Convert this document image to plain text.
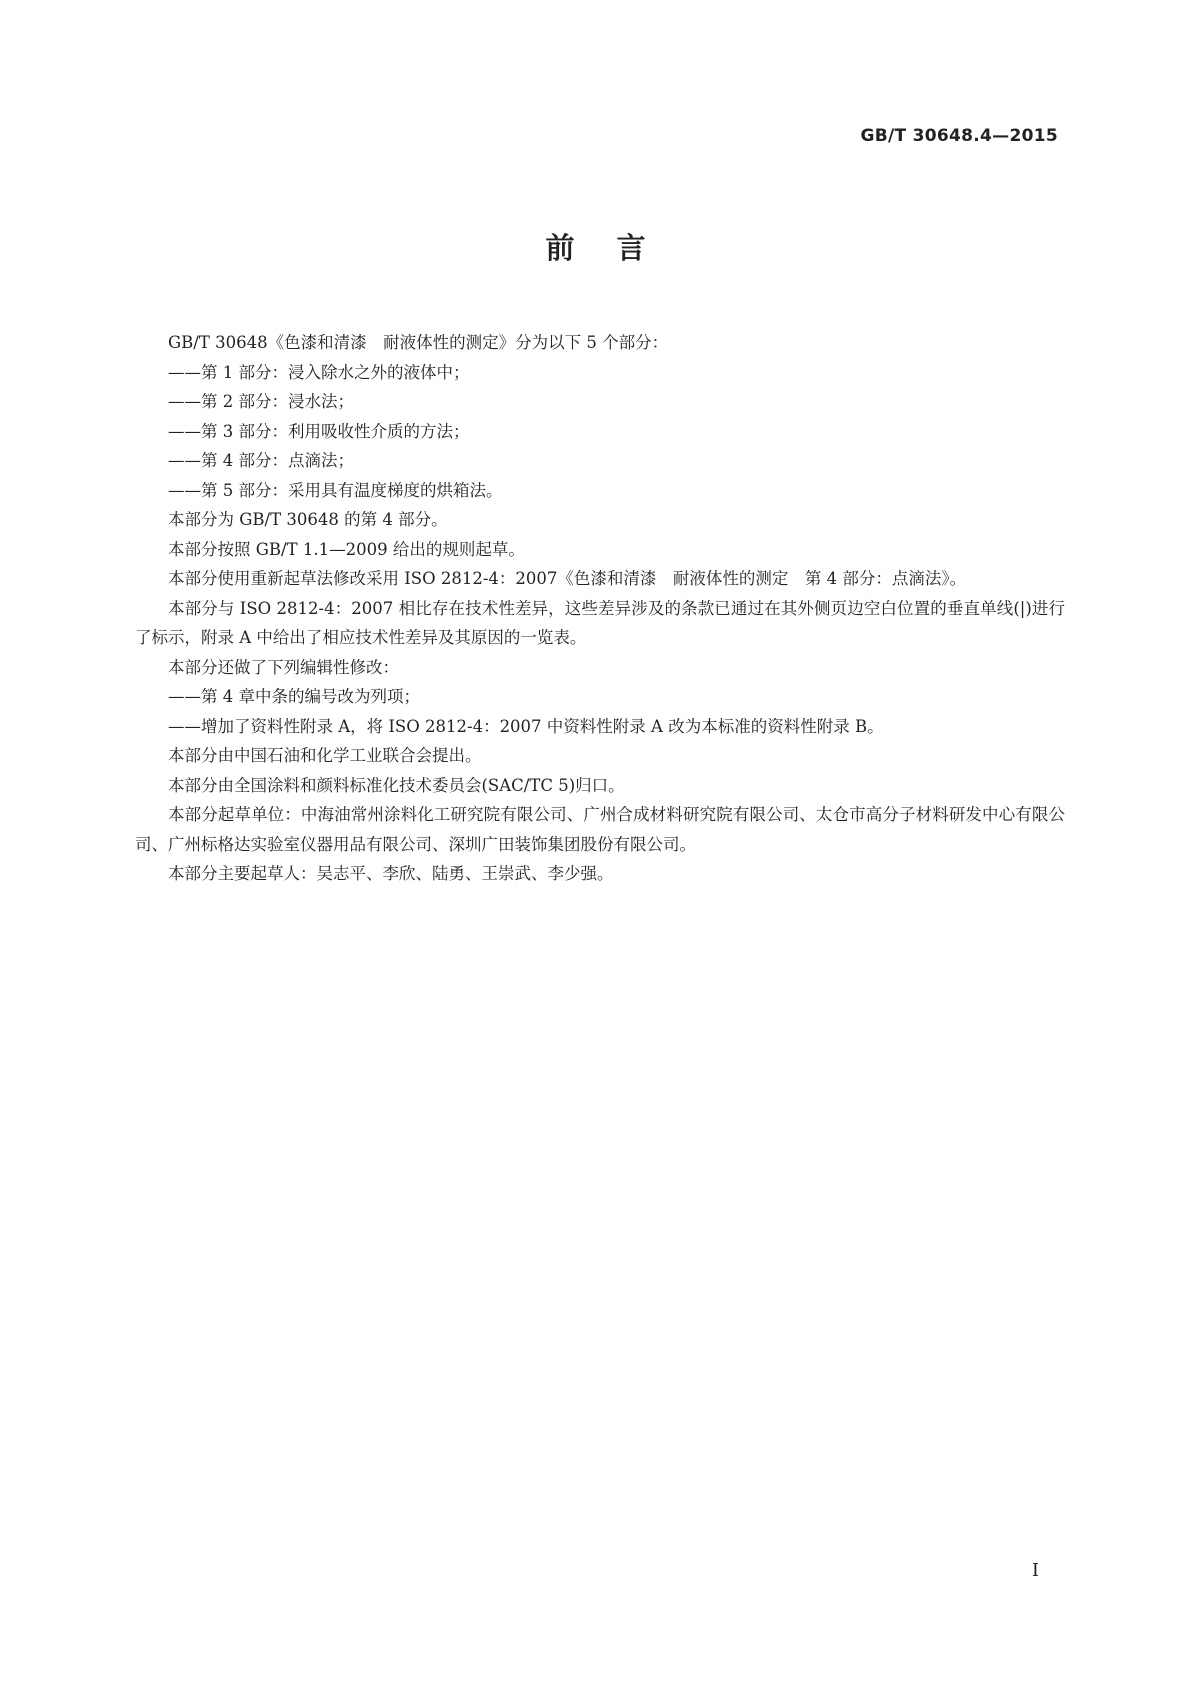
GB/T 30648.4—2015
前言

GB/T 30648《色漆和清漆　耐液体性的测定》分为以下 5 个部分：

——第 1 部分：浸入除水之外的液体中；

——第 2 部分：浸水法；

——第 3 部分：利用吸收性介质的方法；

——第 4 部分：点滴法；

——第 5 部分：采用具有温度梯度的烘箱法。

本部分为 GB/T 30648 的第 4 部分。

本部分按照 GB/T 1.1—2009 给出的规则起草。

本部分使用重新起草法修改采用 ISO 2812-4：2007《色漆和清漆　耐液体性的测定　第 4 部分：点滴法》。

本部分与 ISO 2812-4：2007 相比存在技术性差异，这些差异涉及的条款已通过在其外侧页边空白位置的垂直单线(|)进行了标示，附录 A 中给出了相应技术性差异及其原因的一览表。

本部分还做了下列编辑性修改：

——第 4 章中条的编号改为列项；

——增加了资料性附录 A，将 ISO 2812-4：2007 中资料性附录 A 改为本标准的资料性附录 B。

本部分由中国石油和化学工业联合会提出。

本部分由全国涂料和颜料标准化技术委员会(SAC/TC 5)归口。

本部分起草单位：中海油常州涂料化工研究院有限公司、广州合成材料研究院有限公司、太仓市高分子材料研发中心有限公司、广州标格达实验室仪器用品有限公司、深圳广田装饰集团股份有限公司。

本部分主要起草人：吴志平、李欣、陆勇、王崇武、李少强。

I
